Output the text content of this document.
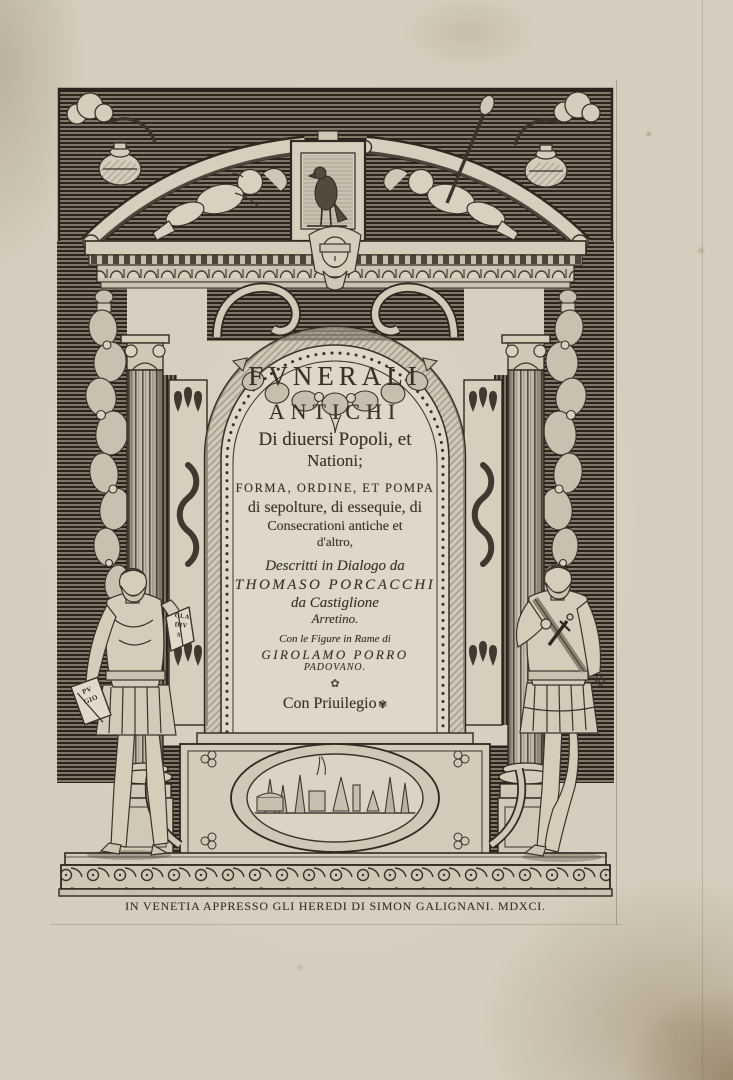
FVNERALI
ANTICHI
Di diuersi Popoli, et
Nationi;
FORMA, ORDINE, ET POMPA
di sepolture, di essequie, di
Consecrationi antiche et
d'altro,
Descritti in Dialogo da
THOMASO PORCACCHI
da Castiglione
Arretino.
Con le Figure in Rame di
GIROLAMO PORRO
PADOVANO.
✿
Con Priuilegio ✾
GLA
DIV
S.
PV
GIO
IN VENETIA APPRESSO GLI HEREDI DI SIMON GALIGNANI. MDXCI.
